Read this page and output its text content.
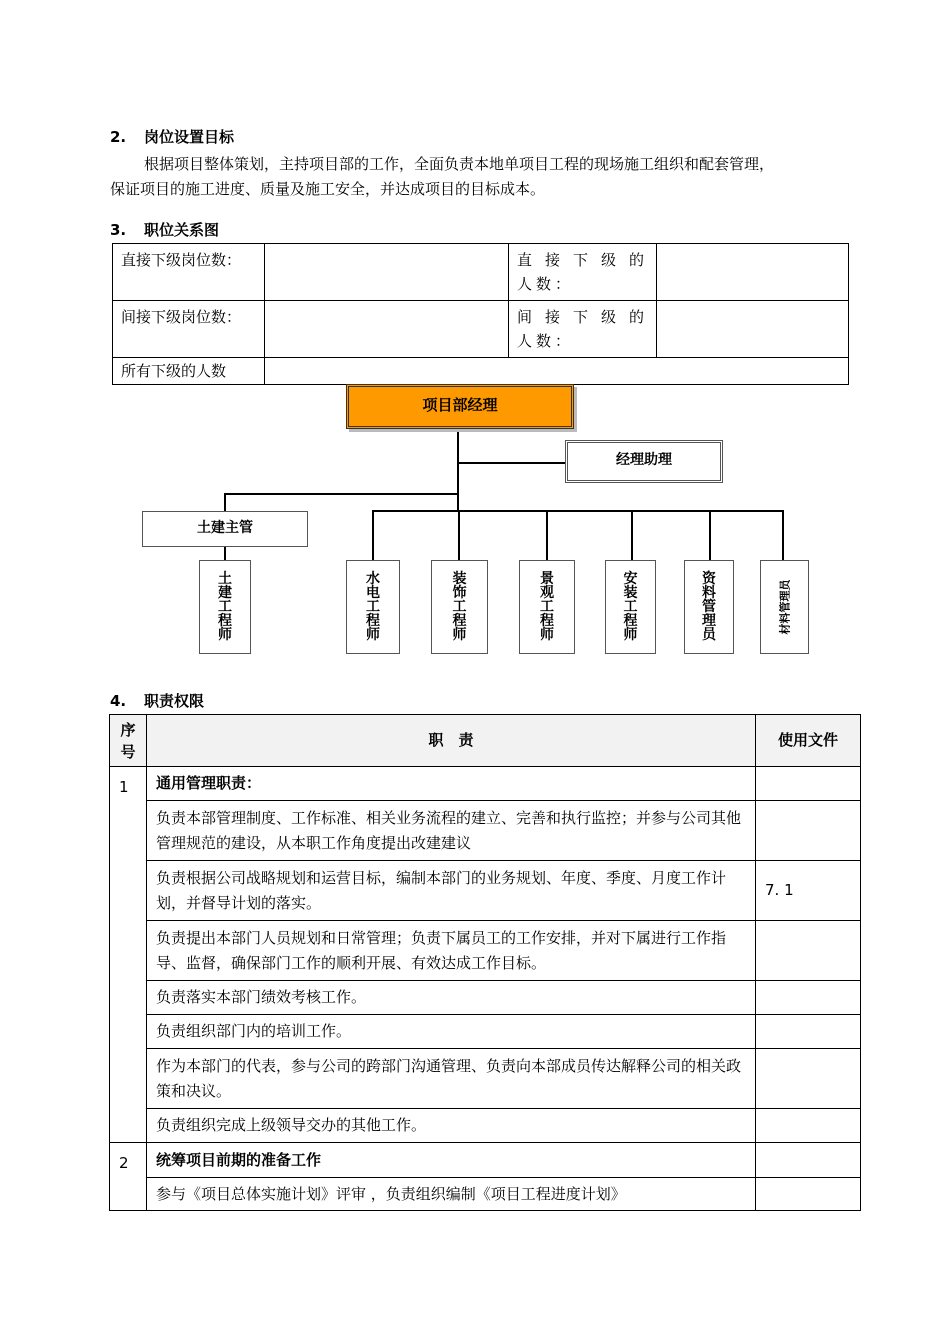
2. 岗位设置目标
根据项目整体策划，主持项目部的工作，全面负责本地单项目工程的现场施工组织和配套管理，
保证项目的施工进度、质量及施工安全，并达成项目的目标成本。
3. 职位关系图
直接下级岗位数：		直 接 下 级 的 人数：	
间接下级岗位数：		间 接 下 级 的 人数：	
所有下级的人数			
项目部经理
经理助理
土建主管
土
建
工
程
师
水
电
工
程
师
装
饰
工
程
师
景
观
工
程
师
安
装
工
程
师
资
料
管
理
员
材料管理员
4. 职责权限
序号	职　责	使用文件
1	通用管理职责：	
	负责本部管理制度、工作标准、相关业务流程的建立、完善和执行监控；并参与公司其他管理规范的建设，从本职工作角度提出改建建议	
	负责根据公司战略规划和运营目标，编制本部门的业务规划、年度、季度、月度工作计划，并督导计划的落实。	7. 1
	负责提出本部门人员规划和日常管理；负责下属员工的工作安排，并对下属进行工作指导、监督，确保部门工作的顺利开展、有效达成工作目标。	
	负责落实本部门绩效考核工作。	
	负责组织部门内的培训工作。	
	作为本部门的代表，参与公司的跨部门沟通管理、负责向本部成员传达解释公司的相关政策和决议。	
	负责组织完成上级领导交办的其他工作。	
2	统筹项目前期的准备工作	
	参与《项目总体实施计划》评审 ，负责组织编制《项目工程进度计划》	
